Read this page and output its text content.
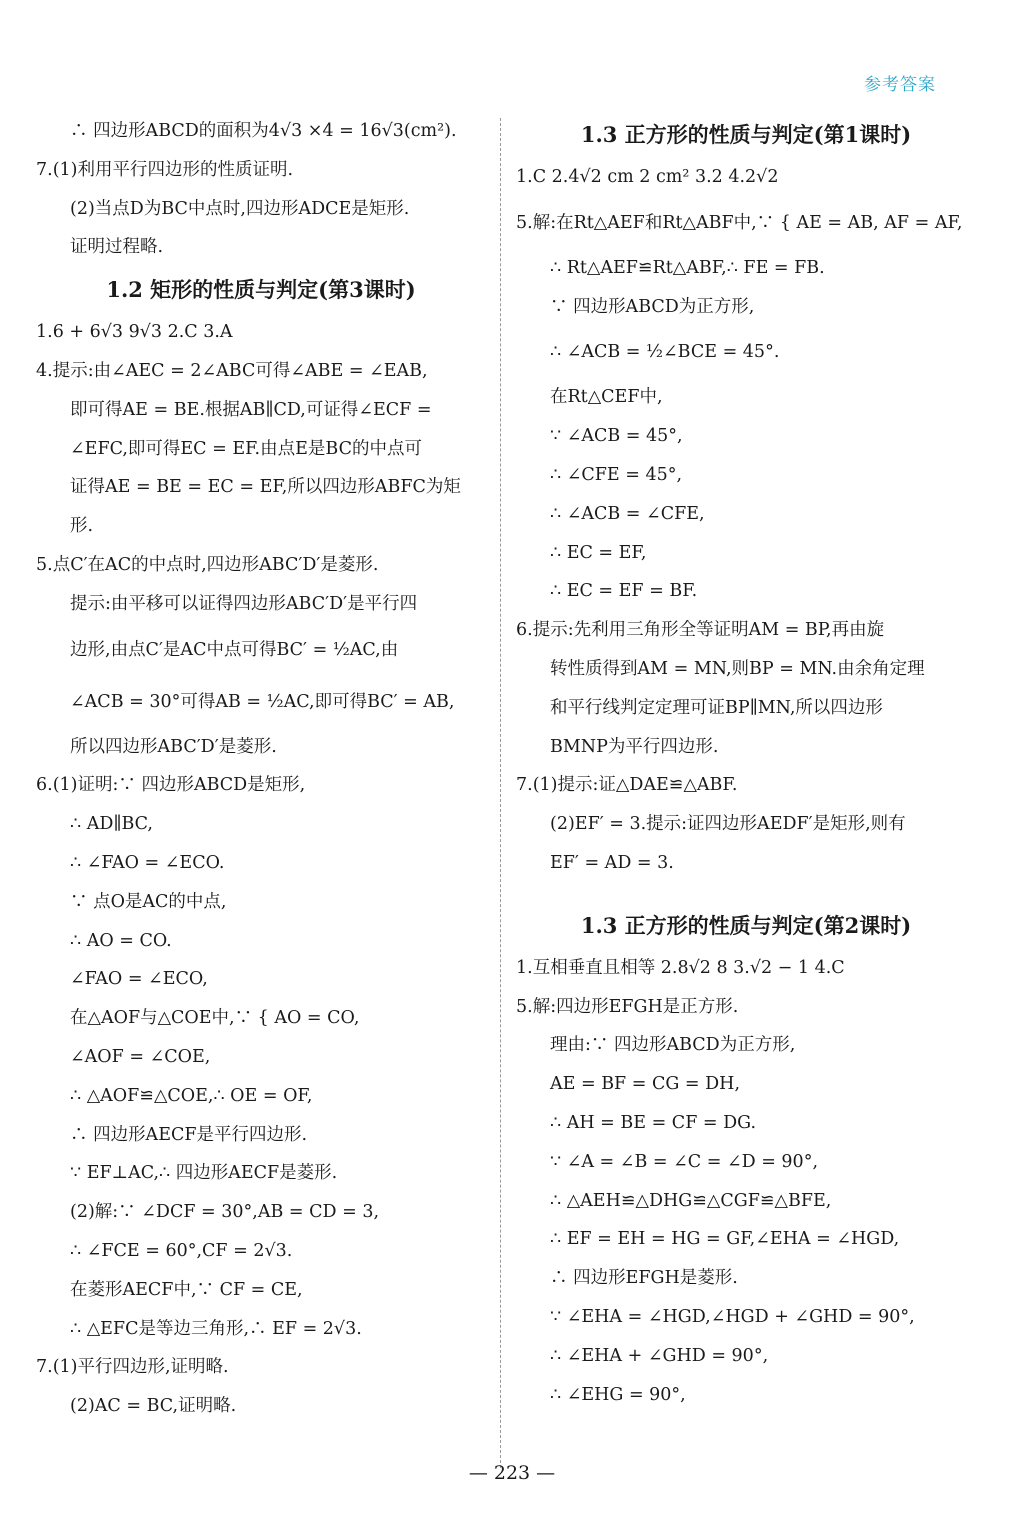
参考答案
∴ 四边形ABCD的面积为4√3 ×4 = 16√3(cm²).
7.(1)利用平行四边形的性质证明.
(2)当点D为BC中点时,四边形ADCE是矩形.
证明过程略.
1.2 矩形的性质与判定(第3课时)
1.6 + 6√3 9√3 2.C 3.A
4.提示:由∠AEC = 2∠ABC可得∠ABE = ∠EAB,
即可得AE = BE.根据AB∥CD,可证得∠ECF =
∠EFC,即可得EC = EF.由点E是BC的中点可
证得AE = BE = EC = EF,所以四边形ABFC为矩
形.
5.点C′在AC的中点时,四边形ABC′D′是菱形.
提示:由平移可以证得四边形ABC′D′是平行四
边形,由点C′是AC中点可得BC′ = ½AC,由
∠ACB = 30°可得AB = ½AC,即可得BC′ = AB,
所以四边形ABC′D′是菱形.
6.(1)证明:∵ 四边形ABCD是矩形,
∴ AD∥BC,
∴ ∠FAO = ∠ECO.
∵ 点O是AC的中点,
∴ AO = CO.
∠FAO = ∠ECO,
在△AOF与△COE中,∵ { AO = CO,
∠AOF = ∠COE,
∴ △AOF≌△COE,∴ OE = OF,
∴ 四边形AECF是平行四边形.
∵ EF⊥AC,∴ 四边形AECF是菱形.
(2)解:∵ ∠DCF = 30°,AB = CD = 3,
∴ ∠FCE = 60°,CF = 2√3.
在菱形AECF中,∵ CF = CE,
∴ △EFC是等边三角形,∴ EF = 2√3.
7.(1)平行四边形,证明略.
(2)AC = BC,证明略.
1.3 正方形的性质与判定(第1课时)
1.C 2.4√2 cm 2 cm² 3.2 4.2√2
5.解:在Rt△AEF和Rt△ABF中,∵ { AE = AB, AF = AF,
∴ Rt△AEF≌Rt△ABF,∴ FE = FB.
∵ 四边形ABCD为正方形,
∴ ∠ACB = ½∠BCE = 45°.
在Rt△CEF中,
∵ ∠ACB = 45°,
∴ ∠CFE = 45°,
∴ ∠ACB = ∠CFE,
∴ EC = EF,
∴ EC = EF = BF.
6.提示:先利用三角形全等证明AM = BP,再由旋
转性质得到AM = MN,则BP = MN.由余角定理
和平行线判定定理可证BP∥MN,所以四边形
BMNP为平行四边形.
7.(1)提示:证△DAE≌△ABF.
(2)EF′ = 3.提示:证四边形AEDF′是矩形,则有
EF′ = AD = 3.
1.3 正方形的性质与判定(第2课时)
1.互相垂直且相等 2.8√2 8 3.√2 − 1 4.C
5.解:四边形EFGH是正方形.
理由:∵ 四边形ABCD为正方形,
AE = BF = CG = DH,
∴ AH = BE = CF = DG.
∵ ∠A = ∠B = ∠C = ∠D = 90°,
∴ △AEH≌△DHG≌△CGF≌△BFE,
∴ EF = EH = HG = GF,∠EHA = ∠HGD,
∴ 四边形EFGH是菱形.
∵ ∠EHA = ∠HGD,∠HGD + ∠GHD = 90°,
∴ ∠EHA + ∠GHD = 90°,
∴ ∠EHG = 90°,
— 223 —
